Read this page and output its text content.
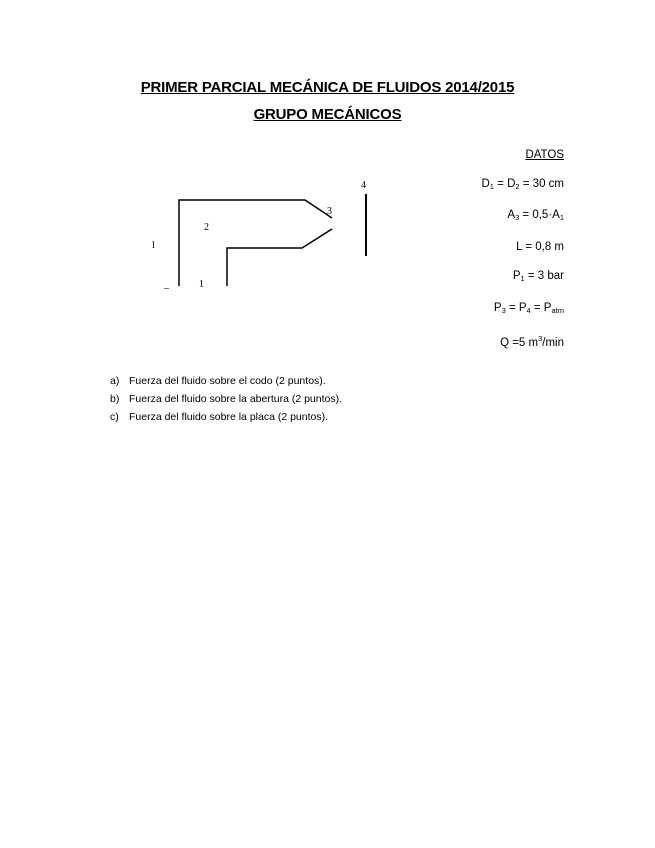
PRIMER PARCIAL MECÁNICA DE FLUIDOS 2014/2015
GRUPO MECÁNICOS
DATOS
$D_1 = D_2 = 30$ cm
$A_3 = 0,5\cdot A_1$
L = 0,8 m
$P_1 = 3$ bar
$P_3 = P_4 = P_{atm}$
Q =5 $m^3/\min$
l
_	1
2
3
4
a) Fuerza del fluido sobre el codo (2 puntos).
b) Fuerza del fluido sobre la abertura (2 puntos).
c) Fuerza del fluido sobre la placa (2 puntos).
